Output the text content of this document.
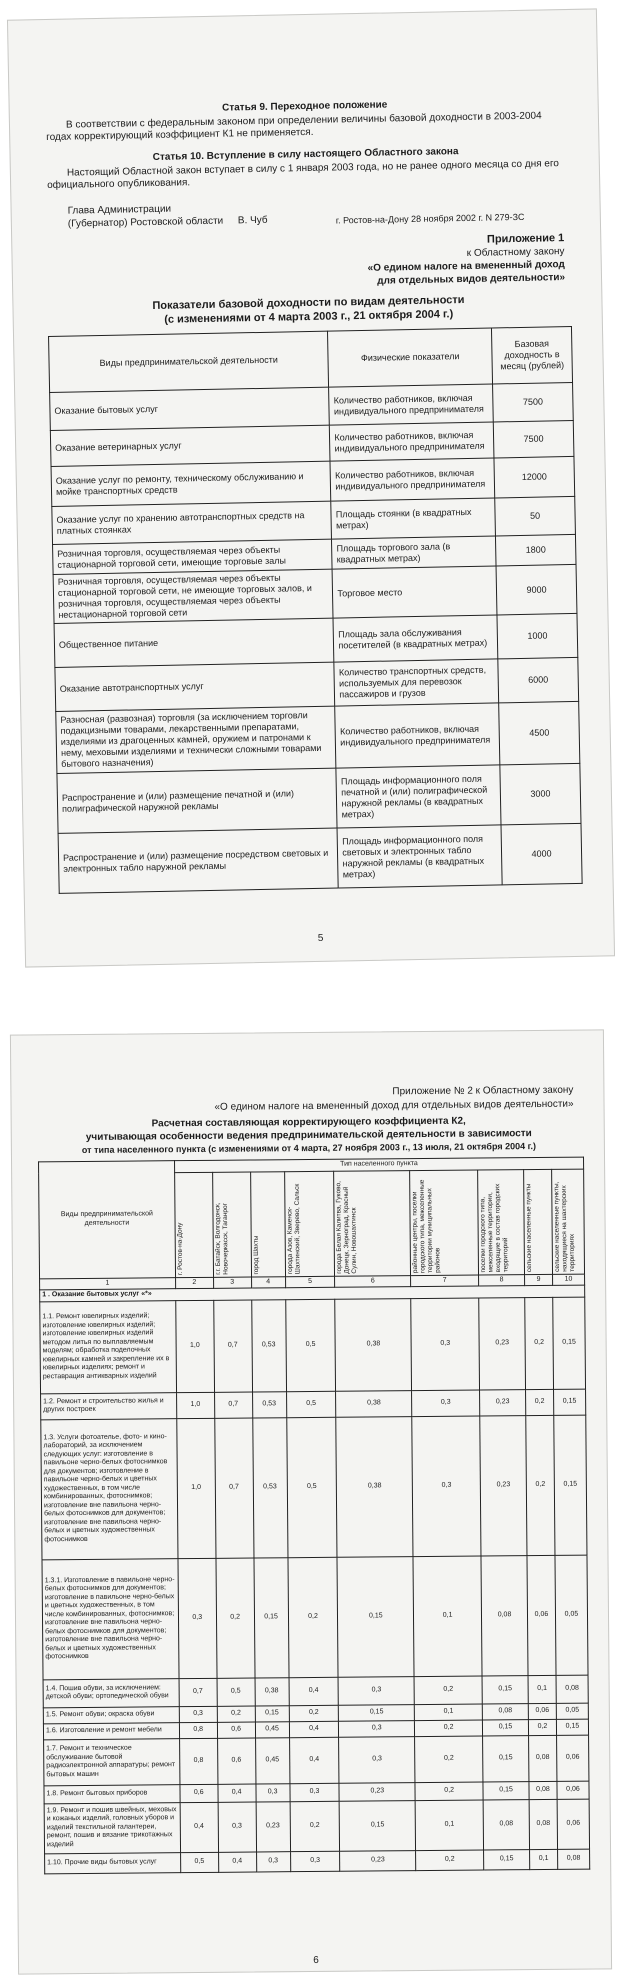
Статья 9. Переходное положение
В соответствии с федеральным законом при определении величины базовой доходности в 2003-2004 годах корректирующий коэффициент К1 не применяется.
Статья 10. Вступление в силу настоящего Областного закона
Настоящий Областной закон вступает в силу с 1 января 2003 года, но не ранее одного месяца со дня его официального опубликования.
Глава Администрации
(Губернатор) Ростовской области В. Чуб	г. Ростов-на-Дону 28 ноября 2002 г. N 279-ЗС
Приложение 1
к Областному закону
«О едином налоге на вмененный доход
для отдельных видов деятельности»
Показатели базовой доходности по видам деятельности
(с изменениями от 4 марта 2003 г., 21 октября 2004 г.)
Виды предпринимательской деятельности	Физические показатели	Базовая доходность в месяц (рублей)
Оказание бытовых услуг	Количество работников, включая индивидуального предпринимателя	7500
Оказание ветеринарных услуг	Количество работников, включая индивидуального предпринимателя	7500
Оказание услуг по ремонту, техническому обслуживанию и мойке транспортных средств	Количество работников, включая индивидуального предпринимателя	12000
Оказание услуг по хранению автотранспортных средств на платных стоянках	Площадь стоянки (в квадратных метрах)	50
Розничная торговля, осуществляемая через объекты стационарной торговой сети, имеющие торговые залы	Площадь торгового зала (в квадратных метрах)	1800
Розничная торговля, осуществляемая через объекты стационарной торговой сети, не имеющие торговых залов, и розничная торговля, осуществляемая через объекты нестационарной торговой сети	Торговое место	9000
Общественное питание	Площадь зала обслуживания посетителей (в квадратных метрах)	1000
Оказание автотранспортных услуг	Количество транспортных средств, используемых для перевозок пассажиров и грузов	6000
Разносная (развозная) торговля (за исключением торговли подакцизными товарами, лекарственными препаратами, изделиями из драгоценных камней, оружием и патронами к нему, меховыми изделиями и технически сложными товарами бытового назначения)	Количество работников, включая индивидуального предпринимателя	4500
Распространение и (или) размещение печатной и (или) полиграфической наружной рекламы	Площадь информационного поля печатной и (или) полиграфической наружной рекламы (в квадратных метрах)	3000
Распространение и (или) размещение посредством световых и электронных табло наружной рекламы	Площадь информационного поля световых и электронных табло наружной рекламы (в квадратных метрах)	4000
5
Приложение № 2 к Областному закону
«О едином налоге на вмененный доход для отдельных видов деятельности»
Расчетная составляющая корректирующего коэффициента К2,
учитывающая особенности ведения предпринимательской деятельности в зависимости
от типа населенного пункта (с изменениями от 4 марта, 27 ноября 2003 г., 13 июля, 21 октября 2004 г.)
Виды предпринимательской деятельности	Тип населенного пункта								

	г. Ростов-на-Дону	г.г. Батайск, Волгодонск, Новочеркасск, Таганрог	город Шахты	города Азов, Каменск-Шахтинский, Зверево, Сальск	города Белая Калитва, Гуково, Донецк, Зерноград, Красный Сулин, Новошахтинск	районные центры, поселки городского типа, межселенные территории муниципальных районов	поселки городского типа, межселенные территории, входящие в состав городских территорий	сельские населенные пункты	сельские населенные пункты, находящиеся на шахтерских территориях

1	2	3	4	5	6	7	8	9	10
1 . Оказание бытовых услуг «*»									
1.1. Ремонт ювелирных изделий; изготовление ювелирных изделий; изготовление ювелирных изделий методом литья по выплавляемым моделям; обработка поделочных ювелирных камней и закрепление их в ювелирных изделиях; ремонт и реставрация антикварных изделий	1,0	0,7	0,53	0,5	0,38	0,3	0,23	0,2	0,15
1.2. Ремонт и строительство жилья и других построек	1,0	0,7	0,53	0,5	0,38	0,3	0,23	0,2	0,15
1.3. Услуги фотоателье, фото- и кино-лабораторий, за исключением следующих услуг: изготовление в павильоне черно-белых фотоснимков для документов; изготовление в павильоне черно-белых и цветных художественных, в том числе комбинированных, фотоснимков; изготовление вне павильона черно-белых фотоснимков для документов; изготовление вне павильона черно-белых и цветных художественных фотоснимков	1,0	0,7	0,53	0,5	0,38	0,3	0,23	0,2	0,15
1.3.1. Изготовление в павильоне черно-белых фотоснимков для документов; изготовление в павильоне черно-белых и цветных художественных, в том числе комбинированных, фотоснимков; изготовление вне павильона черно-белых фотоснимков для документов; изготовление вне павильона черно-белых и цветных художественных фотоснимков	0,3	0,2	0,15	0,2	0,15	0,1	0,08	0,06	0,05
1.4. Пошив обуви, за исключением: детской обуви; ортопедической обуви	0,7	0,5	0,38	0,4	0,3	0,2	0,15	0,1	0,08
1.5. Ремонт обуви; окраска обуви	0,3	0,2	0,15	0,2	0,15	0,1	0,08	0,06	0,05
1.6. Изготовление и ремонт мебели	0,8	0,6	0,45	0,4	0,3	0,2	0,15	0,2	0,15
1.7. Ремонт и техническое обслуживание бытовой радиоэлектронной аппаратуры; ремонт бытовых машин	0,8	0,6	0,45	0,4	0,3	0,2	0,15	0,08	0,06
1.8. Ремонт бытовых приборов	0,6	0,4	0,3	0,3	0,23	0,2	0,15	0,08	0,06
1.9. Ремонт и пошив швейных, меховых и кожаных изделий, головных уборов и изделий текстильной галантереи, ремонт, пошив и вязание трикотажных изделий	0,4	0,3	0,23	0,2	0,15	0,1	0,08	0,08	0,06
1.10. Прочие виды бытовых услуг	0,5	0,4	0,3	0,3	0,23	0,2	0,15	0,1	0,08
6
